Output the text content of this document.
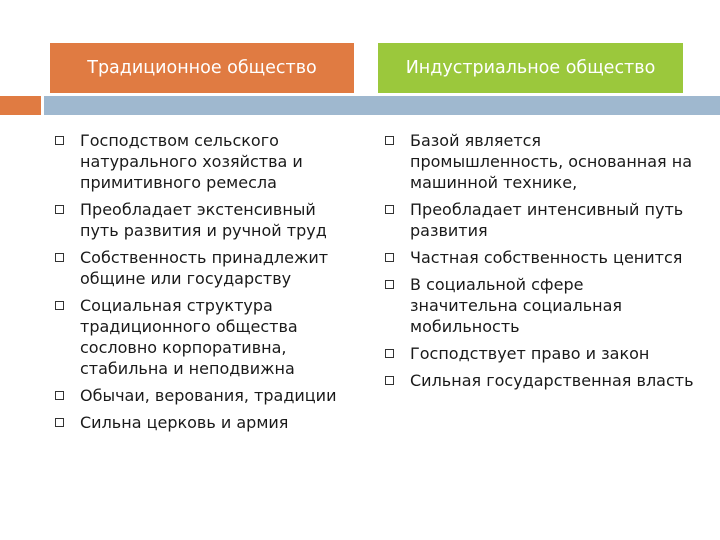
Традиционное общество	Индустриальное общество
Господством сельского натурального хозяйства и примитивного ремесла
Преобладает экстенсивный путь развития и ручной труд
Собственность принадлежит общине или государству
Социальная структура традиционного общества сословно корпоративна, стабильна и неподвижна
Обычаи, верования, традиции
Сильна церковь и армия
Базой является промышленность, основанная на машинной технике,
Преобладает интенсивный путь развития
Частная собственность ценится
В социальной сфере значительна социальная мобильность
Господствует право и закон
Сильная государственная власть
